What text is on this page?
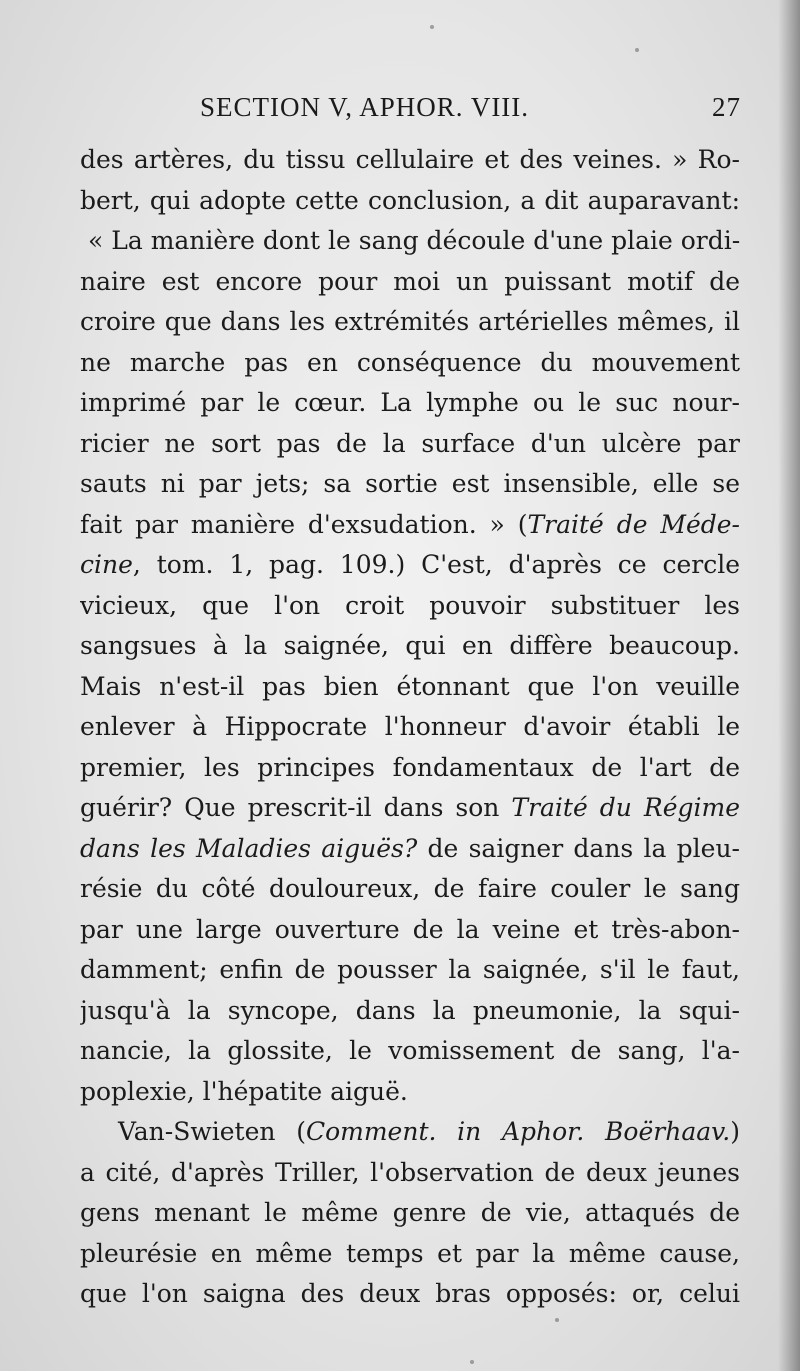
SECTION V, APHOR. VIII.	27
des artères, du tissu cellulaire et des veines. » Ro-
bert, qui adopte cette conclusion, a dit auparavant:
« La manière dont le sang découle d'une plaie ordi-
naire est encore pour moi un puissant motif de
croire que dans les extrémités artérielles mêmes, il
ne marche pas en conséquence du mouvement
imprimé par le cœur. La lymphe ou le suc nour-
ricier ne sort pas de la surface d'un ulcère par
sauts ni par jets; sa sortie est insensible, elle se
fait par manière d'exsudation. » (Traité de Méde-
cine, tom. 1, pag. 109.) C'est, d'après ce cercle
vicieux, que l'on croit pouvoir substituer les
sangsues à la saignée, qui en diffère beaucoup.
Mais n'est-il pas bien étonnant que l'on veuille
enlever à Hippocrate l'honneur d'avoir établi le
premier, les principes fondamentaux de l'art de
guérir? Que prescrit-il dans son Traité du Régime
dans les Maladies aiguës? de saigner dans la pleu-
résie du côté douloureux, de faire couler le sang
par une large ouverture de la veine et très-abon-
damment; enfin de pousser la saignée, s'il le faut,
jusqu'à la syncope, dans la pneumonie, la squi-
nancie, la glossite, le vomissement de sang, l'a-
poplexie, l'hépatite aiguë.
Van-Swieten (Comment. in Aphor. Boërhaav.)
a cité, d'après Triller, l'observation de deux jeunes
gens menant le même genre de vie, attaqués de
pleurésie en même temps et par la même cause,
que l'on saigna des deux bras opposés: or, celui
